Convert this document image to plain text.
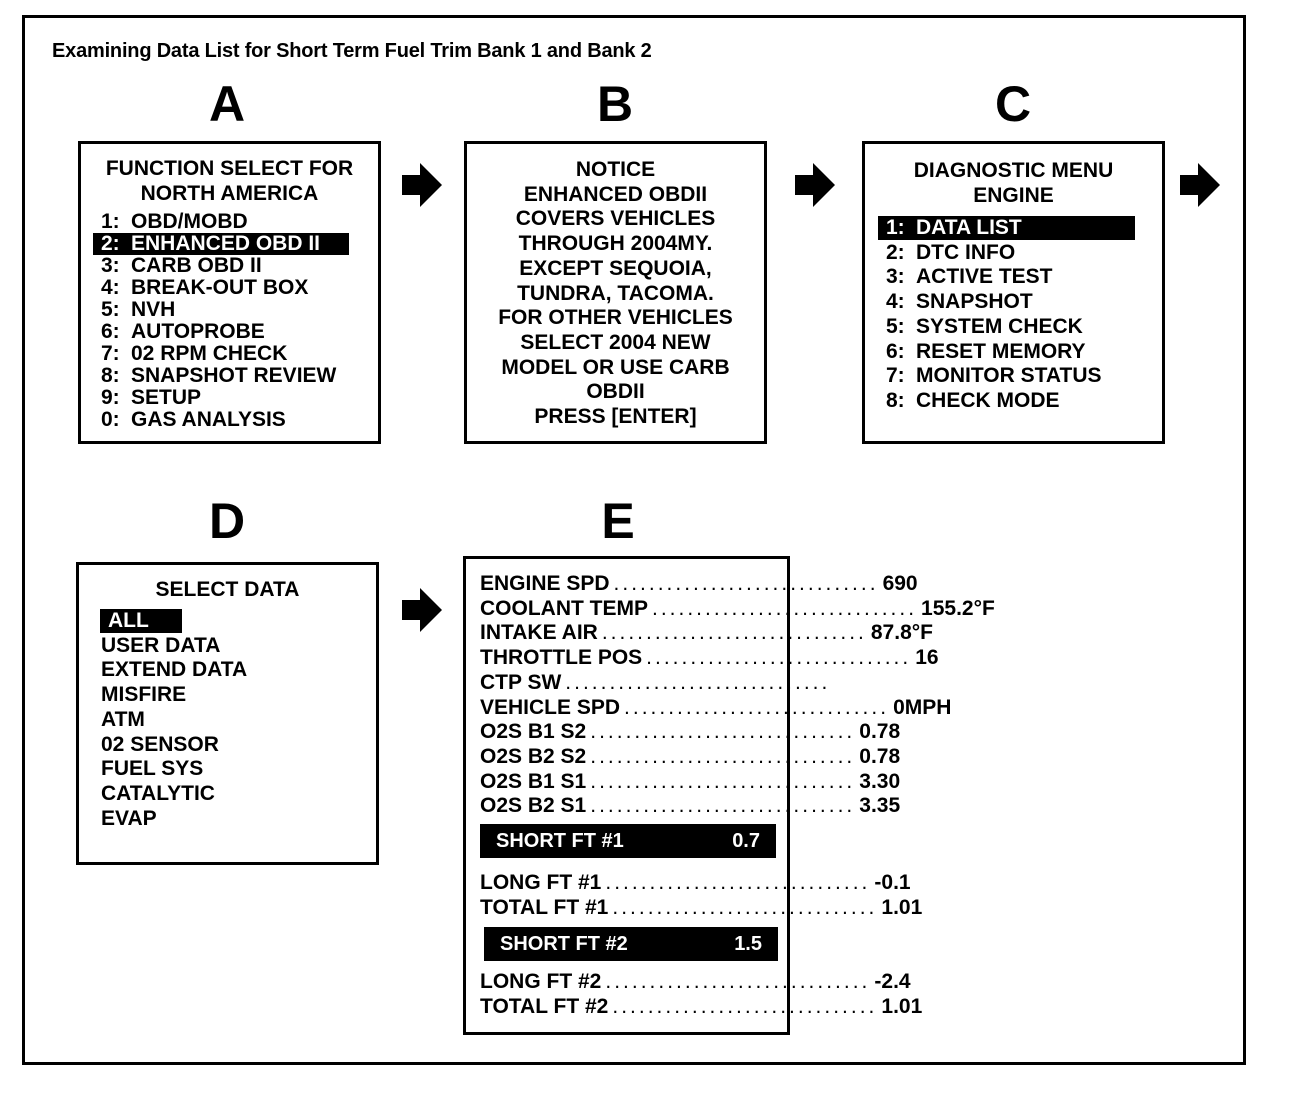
Examining Data List for Short Term Fuel Trim Bank 1 and Bank 2
A	B	C
D	E
FUNCTION SELECT FOR
NORTH AMERICA
1: OBD/MOBD
2: ENHANCED OBD II
3: CARB OBD II
4: BREAK-OUT BOX
5: NVH
6: AUTOPROBE
7: 02 RPM CHECK
8: SNAPSHOT REVIEW
9: SETUP
0: GAS ANALYSIS
NOTICE
ENHANCED OBDII
COVERS VEHICLES
THROUGH 2004MY.
EXCEPT SEQUOIA,
TUNDRA, TACOMA.
FOR OTHER VEHICLES
SELECT 2004 NEW
MODEL OR USE CARB
OBDII
PRESS [ENTER]
DIAGNOSTIC MENU
ENGINE
1: DATA LIST
2: DTC INFO
3: ACTIVE TEST
4: SNAPSHOT
5: SYSTEM CHECK
6: RESET MEMORY
7: MONITOR STATUS
8: CHECK MODE
SELECT DATA
ALL
USER DATA
EXTEND DATA
MISFIRE
ATM
02 SENSOR
FUEL SYS
CATALYTIC
EVAP
ENGINE SPD .............................. 690
COOLANT TEMP .............................. 155.2°F
INTAKE AIR .............................. 87.8°F
THROTTLE POS .............................. 16
CTP SW ..............................
VEHICLE SPD .............................. 0MPH
O2S B1 S2 .............................. 0.78
O2S B2 S2 .............................. 0.78
O2S B1 S1 .............................. 3.30
O2S B2 S1 .............................. 3.35
SHORT FT #1	0.7
LONG FT #1 .............................. -0.1
TOTAL FT #1 .............................. 1.01
SHORT FT #2	1.5
LONG FT #2 .............................. -2.4
TOTAL FT #2 .............................. 1.01
